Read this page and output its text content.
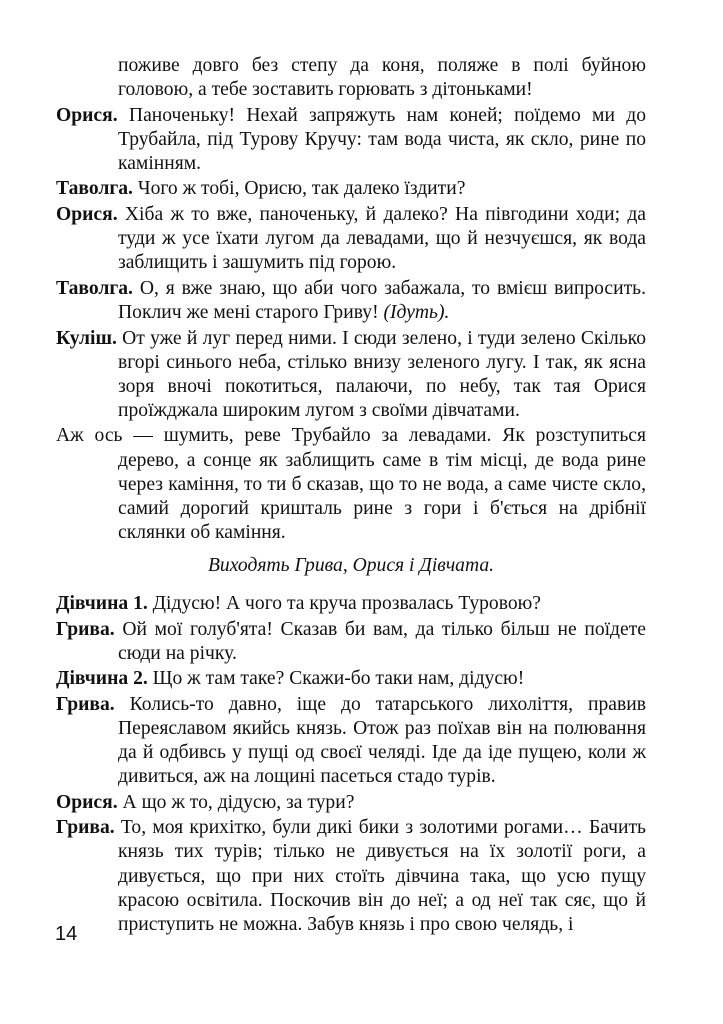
поживе довго без степу да коня, поляже в полі буйною головою, а тебе зоставить горювать з дітоньками!

Орися. Паноченьку! Нехай запряжуть нам коней; поїдемо ми до Трубайла, під Турову Кручу: там вода чиста, як скло, рине по камінням.

Таволга. Чого ж тобі, Орисю, так далеко їздити?

Орися. Хіба ж то вже, паноченьку, й далеко? На півгодини ходи; да туди ж усе їхати лугом да левадами, що й незчуєшся, як вода заблищить і зашумить під горою.

Таволга. О, я вже знаю, що аби чого забажала, то вмієш випросить. Поклич же мені старого Гриву! (Ідуть).

Куліш. От уже й луг перед ними. І сюди зелено, і туди зелено Скілько вгорі синього неба, стілько внизу зеленого лугу. І так, як ясна зоря вночі покотиться, палаючи, по небу, так тая Орися проїжджала широким лугом з своїми дівчатами.

Аж ось — шумить, реве Трубайло за левадами. Як розступиться дерево, а сонце як заблищить саме в тім місці, де вода рине через каміння, то ти б сказав, що то не вода, а саме чисте скло, самий дорогий кришталь рине з гори і б'ється на дрібнії склянки об каміння.

Виходять Грива, Орися і Дівчата.

Дівчина 1. Дідусю! А чого та круча прозвалась Туровою?

Грива. Ой мої голуб'ята! Сказав би вам, да тілько більш не поїдете сюди на річку.

Дівчина 2. Що ж там таке? Скажи-бо таки нам, дідусю!

Грива. Колись-то давно, іще до татарського лихоліття, правив Переяславом якийсь князь. Отож раз поїхав він на полювання да й одбивсь у пущі од своєї челяді. Іде да іде пущею, коли ж дивиться, аж на лощині пасеться стадо турів.

Орися. А що ж то, дідусю, за тури?

Грива. То, моя крихітко, були дикі бики з золотими рогами… Бачить князь тих турів; тілько не дивується на їх золотії роги, а дивується, що при них стоїть дівчина така, що усю пущу красою освітила. Поскочив він до неї; а од неї так сяє, що й приступить не можна. Забув князь і про свою челядь, і

14
